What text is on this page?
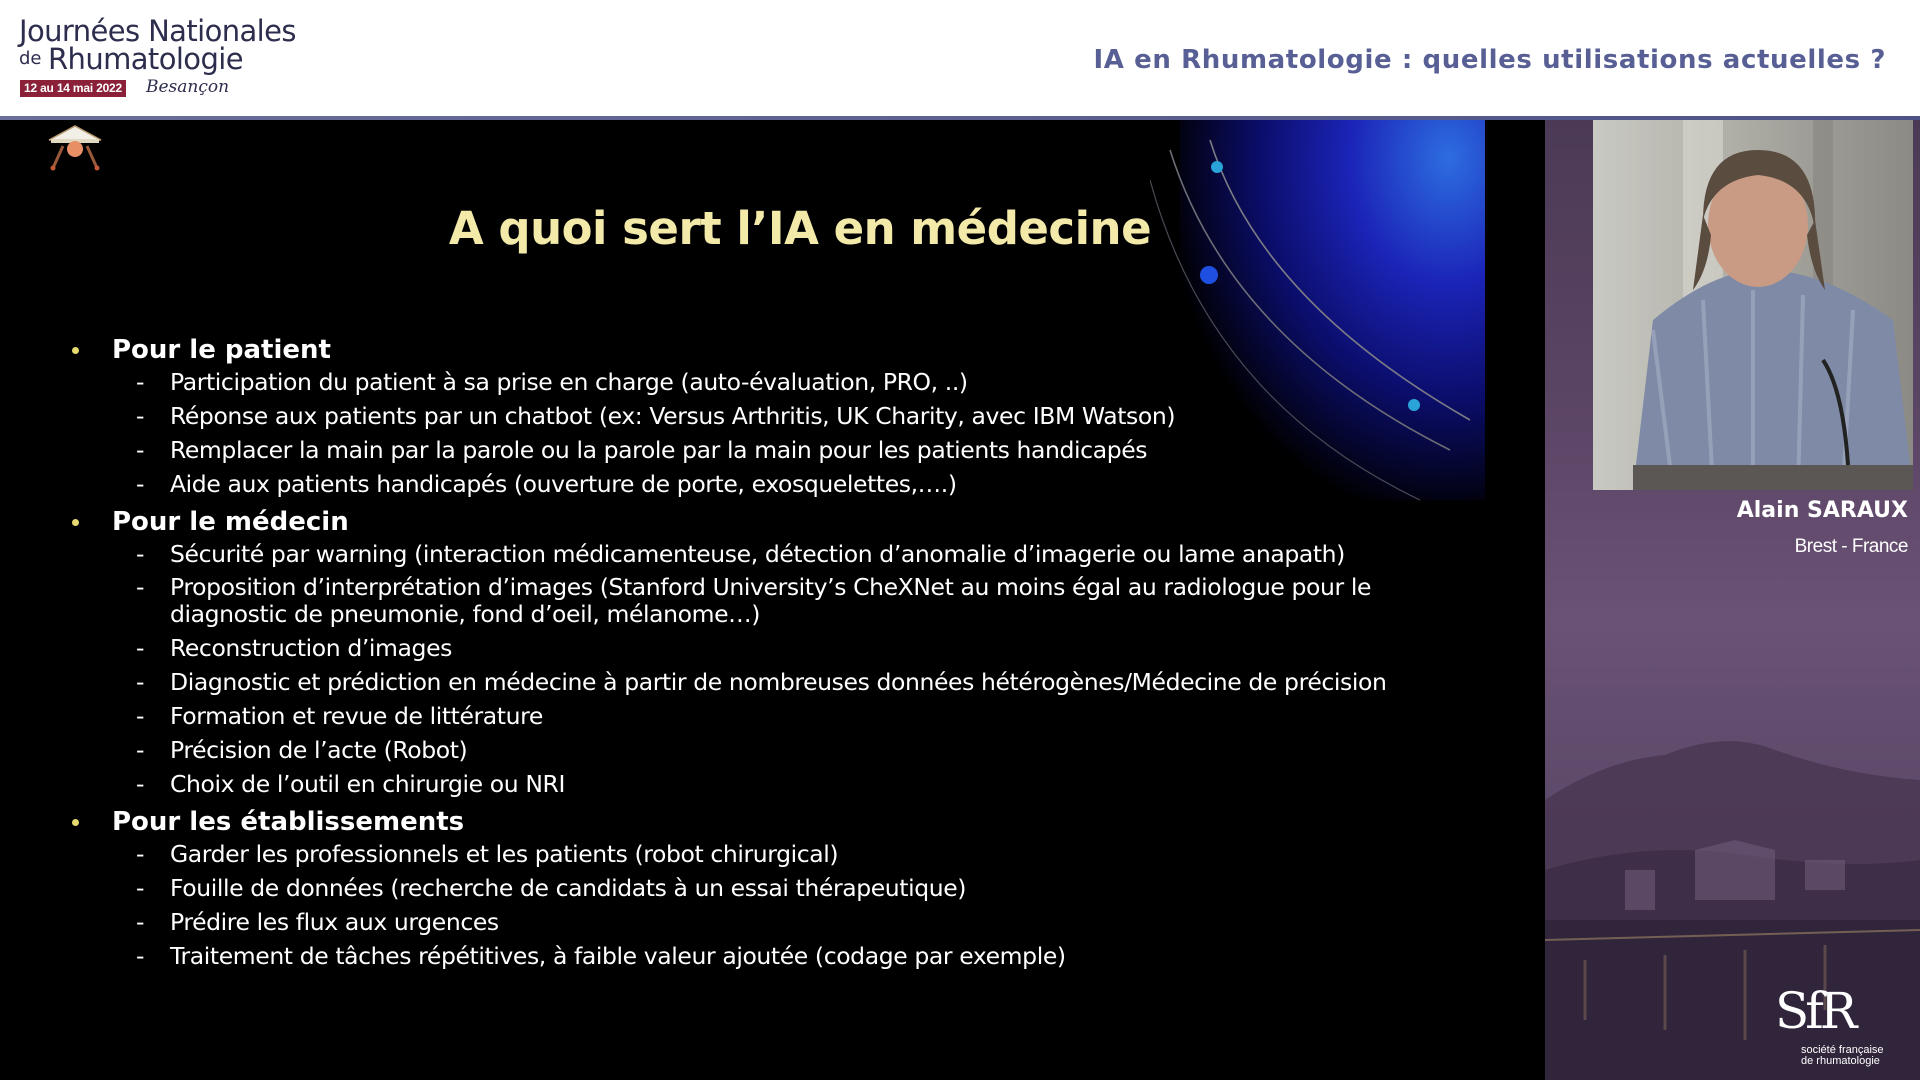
Journées Nationales
de Rhumatologie
12 au 14 mai 2022 Besançon
IA en Rhumatologie : quelles utilisations actuelles ?
A quoi sert l’IA en médecine
Pour le patient
- Participation du patient à sa prise en charge (auto-évaluation, PRO, ..)
- Réponse aux patients par un chatbot (ex: Versus Arthritis, UK Charity, avec IBM Watson)
- Remplacer la main par la parole ou la parole par la main pour les patients handicapés
- Aide aux patients handicapés (ouverture de porte, exosquelettes,….)
Pour le médecin
- Sécurité par warning (interaction médicamenteuse, détection d’anomalie d’imagerie ou lame anapath)
- Proposition d’interprétation d’images (Stanford University’s CheXNet au moins égal au radiologue pour le diagnostic de pneumonie, fond d’oeil, mélanome…)
- Reconstruction d’images
- Diagnostic et prédiction en médecine à partir de nombreuses données hétérogènes/Médecine de précision
- Formation et revue de littérature
- Précision de l’acte (Robot)
- Choix de l’outil en chirurgie ou NRI
Pour les établissements
- Garder les professionnels et les patients (robot chirurgical)
- Fouille de données (recherche de candidats à un essai thérapeutique)
- Prédire les flux aux urgences
- Traitement de tâches répétitives, à faible valeur ajoutée (codage par exemple)
Alain SARAUX
Brest - France
SfR
société française
de rhumatologie
